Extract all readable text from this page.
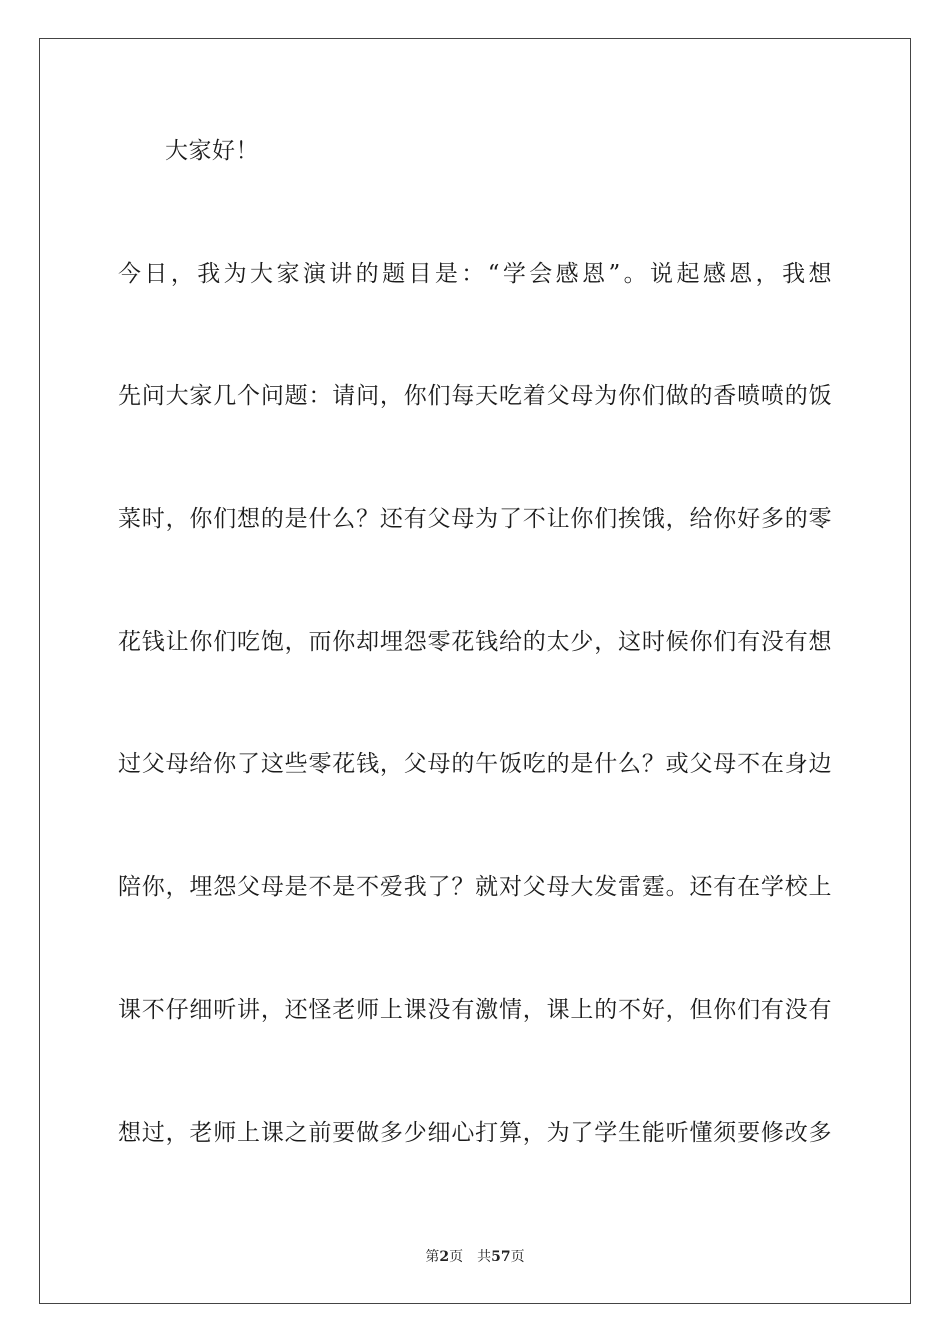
大家好！
今日，我为大家演讲的题目是：“学会感恩”。说起感恩，我想
先问大家几个问题：请问，你们每天吃着父母为你们做的香喷喷的饭
菜时，你们想的是什么？还有父母为了不让你们挨饿，给你好多的零
花钱让你们吃饱，而你却埋怨零花钱给的太少，这时候你们有没有想
过父母给你了这些零花钱，父母的午饭吃的是什么？或父母不在身边
陪你，埋怨父母是不是不爱我了？就对父母大发雷霆。还有在学校上
课不仔细听讲，还怪老师上课没有激情，课上的不好，但你们有没有
想过，老师上课之前要做多少细心打算，为了学生能听懂须要修改多
第2页 共57页
